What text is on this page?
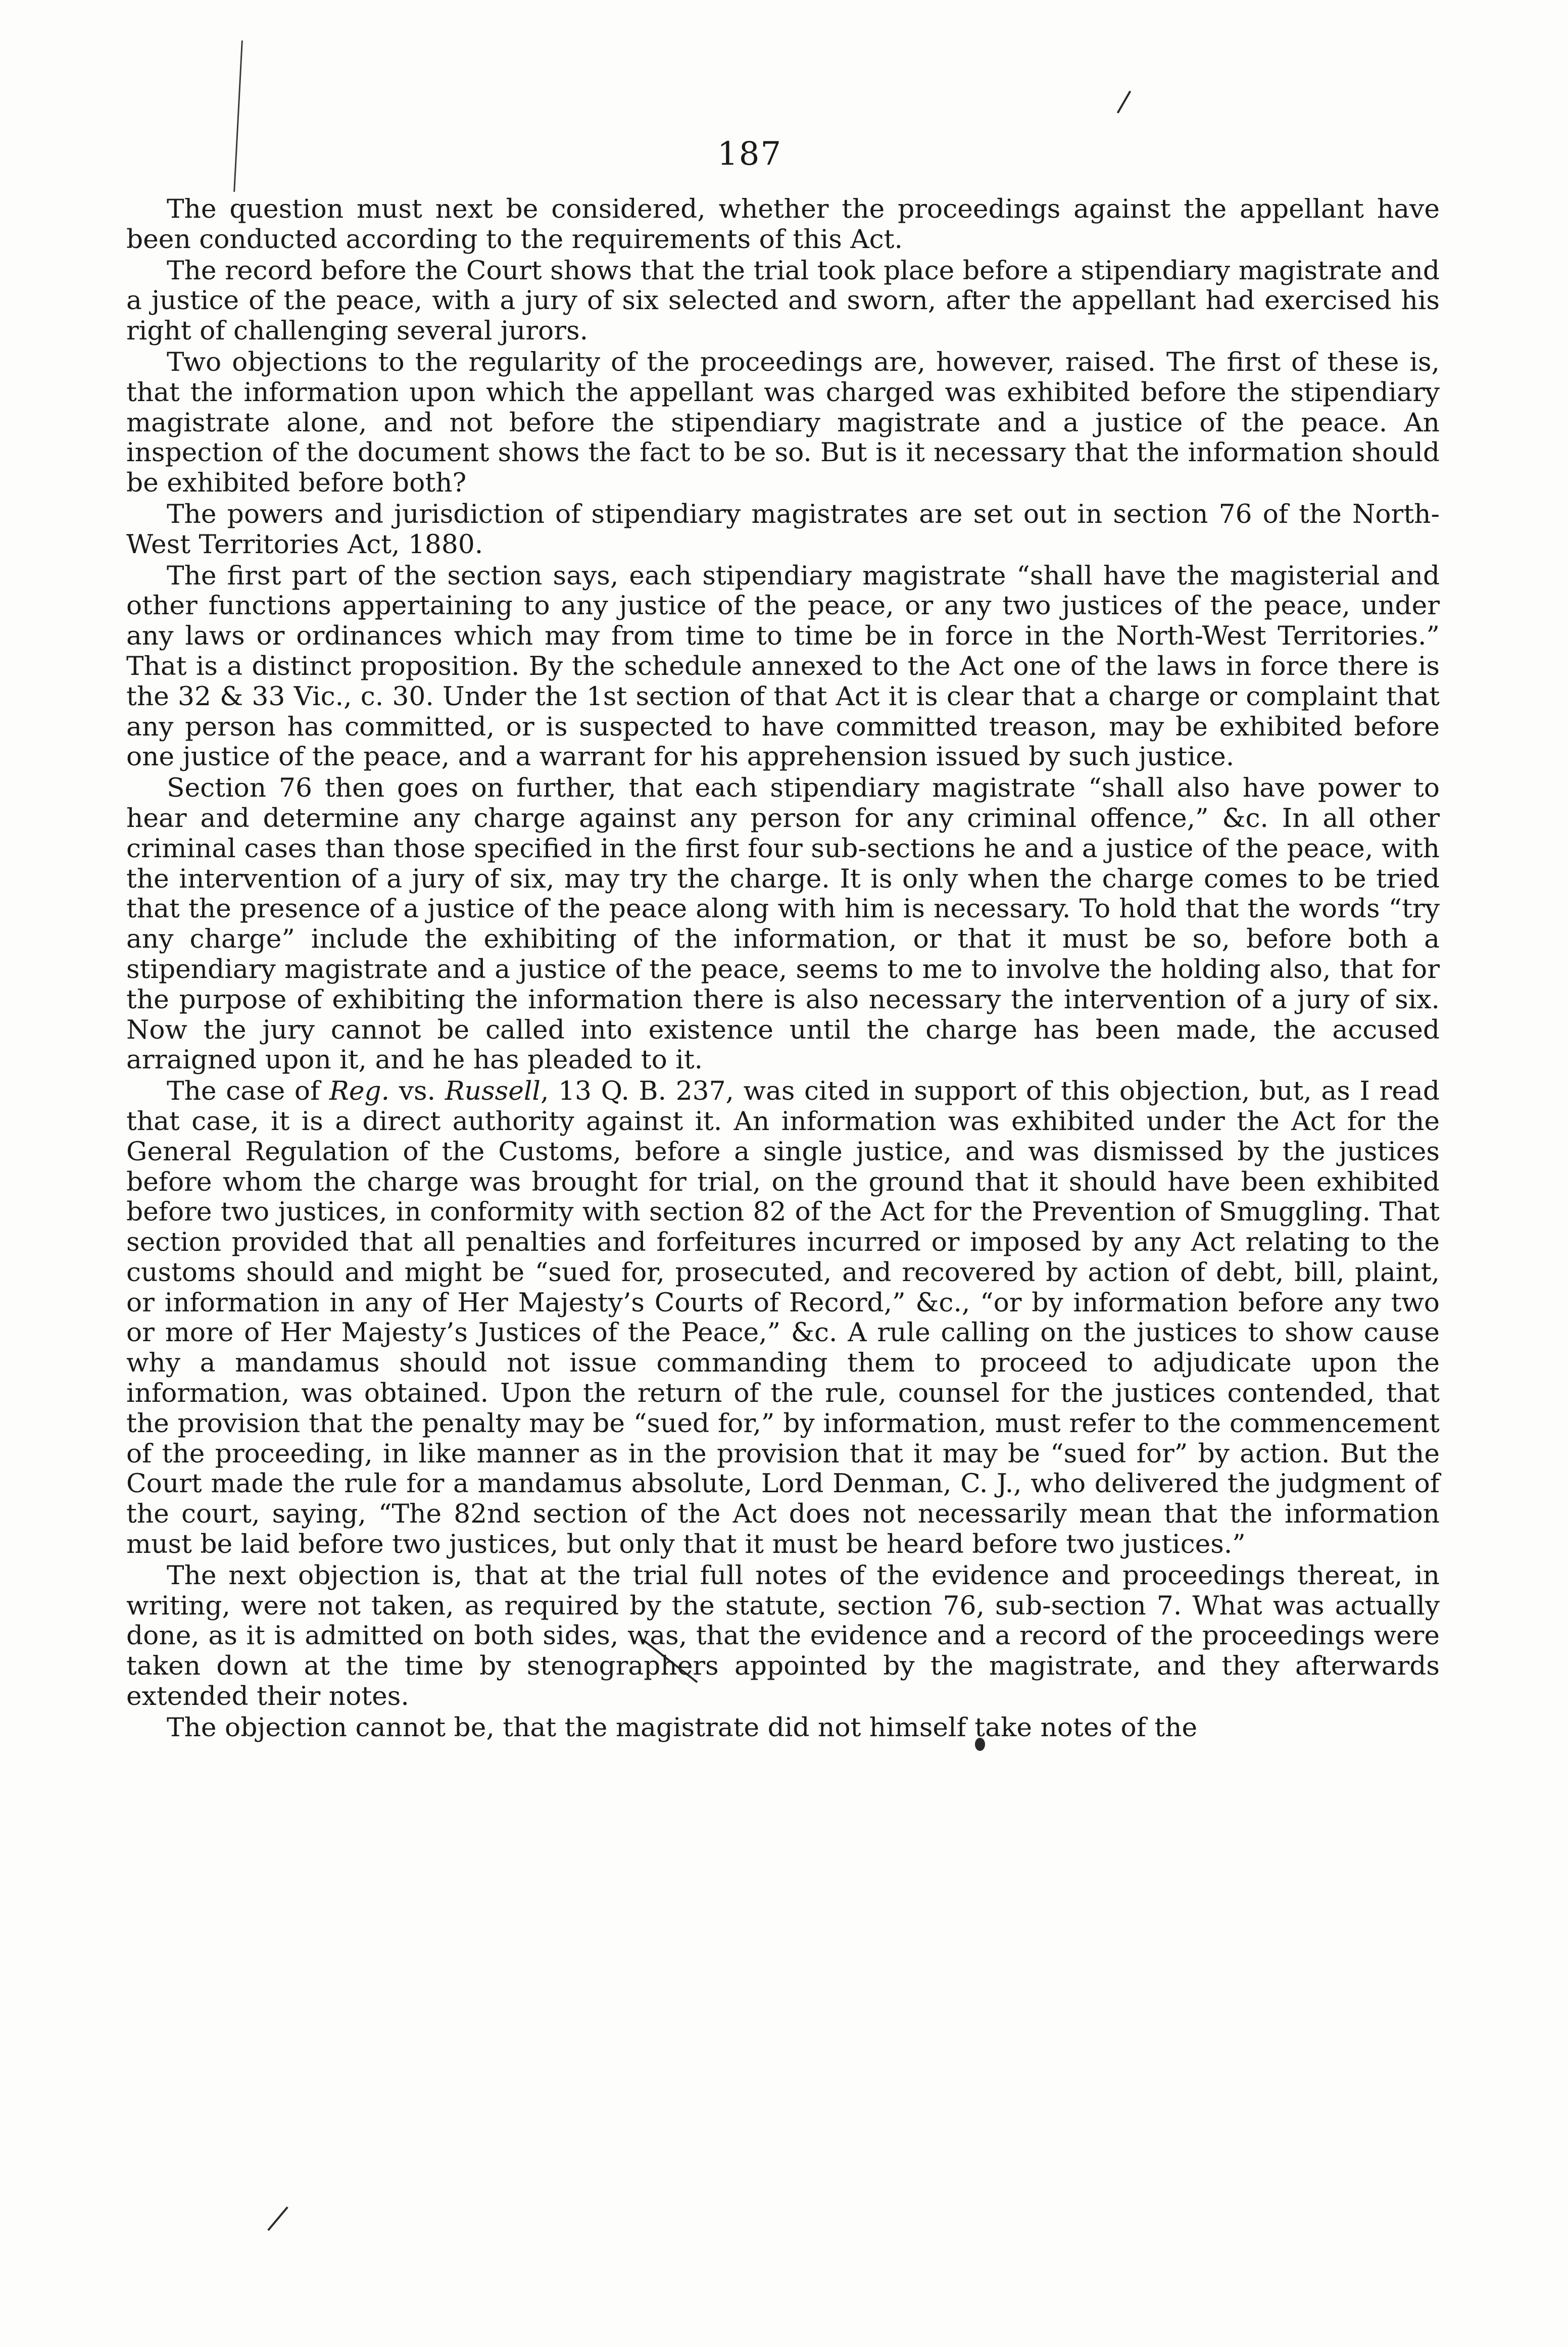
187

The question must next be considered, whether the proceedings against the appellant have been conducted according to the requirements of this Act.

The record before the Court shows that the trial took place before a stipendiary magistrate and a justice of the peace, with a jury of six selected and sworn, after the appellant had exercised his right of challenging several jurors.

Two objections to the regularity of the proceedings are, however, raised. The first of these is, that the information upon which the appellant was charged was exhibited before the stipendiary magistrate alone, and not before the stipendiary magistrate and a justice of the peace. An inspection of the document shows the fact to be so. But is it necessary that the information should be exhibited before both?

The powers and jurisdiction of stipendiary magistrates are set out in section 76 of the North-West Territories Act, 1880.

The first part of the section says, each stipendiary magistrate “shall have the magisterial and other functions appertaining to any justice of the peace, or any two justices of the peace, under any laws or ordinances which may from time to time be in force in the North-West Territories.” That is a distinct proposition. By the schedule annexed to the Act one of the laws in force there is the 32 & 33 Vic., c. 30. Under the 1st section of that Act it is clear that a charge or complaint that any person has committed, or is suspected to have committed treason, may be exhibited before one justice of the peace, and a warrant for his apprehension issued by such justice.

Section 76 then goes on further, that each stipendiary magistrate “shall also have power to hear and determine any charge against any person for any criminal offence,” &c. In all other criminal cases than those specified in the first four sub-sections he and a justice of the peace, with the intervention of a jury of six, may try the charge. It is only when the charge comes to be tried that the presence of a justice of the peace along with him is necessary. To hold that the words “try any charge” include the exhibiting of the information, or that it must be so, before both a stipendiary magistrate and a justice of the peace, seems to me to involve the holding also, that for the purpose of exhibiting the information there is also necessary the intervention of a jury of six. Now the jury cannot be called into existence until the charge has been made, the accused arraigned upon it, and he has pleaded to it.

The case of Reg. vs. Russell, 13 Q. B. 237, was cited in support of this objection, but, as I read that case, it is a direct authority against it. An information was exhibited under the Act for the General Regulation of the Customs, before a single justice, and was dismissed by the justices before whom the charge was brought for trial, on the ground that it should have been exhibited before two justices, in conformity with section 82 of the Act for the Prevention of Smuggling. That section provided that all penalties and forfeitures incurred or imposed by any Act relating to the customs should and might be “sued for, prosecuted, and recovered by action of debt, bill, plaint, or information in any of Her Majesty’s Courts of Record,” &c., “or by information before any two or more of Her Majesty’s Justices of the Peace,” &c. A rule calling on the justices to show cause why a mandamus should not issue commanding them to proceed to adjudicate upon the information, was obtained. Upon the return of the rule, counsel for the justices contended, that the provision that the penalty may be “sued for,” by information, must refer to the commencement of the proceeding, in like manner as in the provision that it may be “sued for” by action. But the Court made the rule for a mandamus absolute, Lord Denman, C. J., who delivered the judgment of the court, saying, “The 82nd section of the Act does not necessarily mean that the information must be laid before two justices, but only that it must be heard before two justices.”

The next objection is, that at the trial full notes of the evidence and proceedings thereat, in writing, were not taken, as required by the statute, section 76, sub-section 7. What was actually done, as it is admitted on both sides, was, that the evidence and a record of the proceedings were taken down at the time by stenographers appointed by the magistrate, and they afterwards extended their notes.

The objection cannot be, that the magistrate did not himself take notes of the
